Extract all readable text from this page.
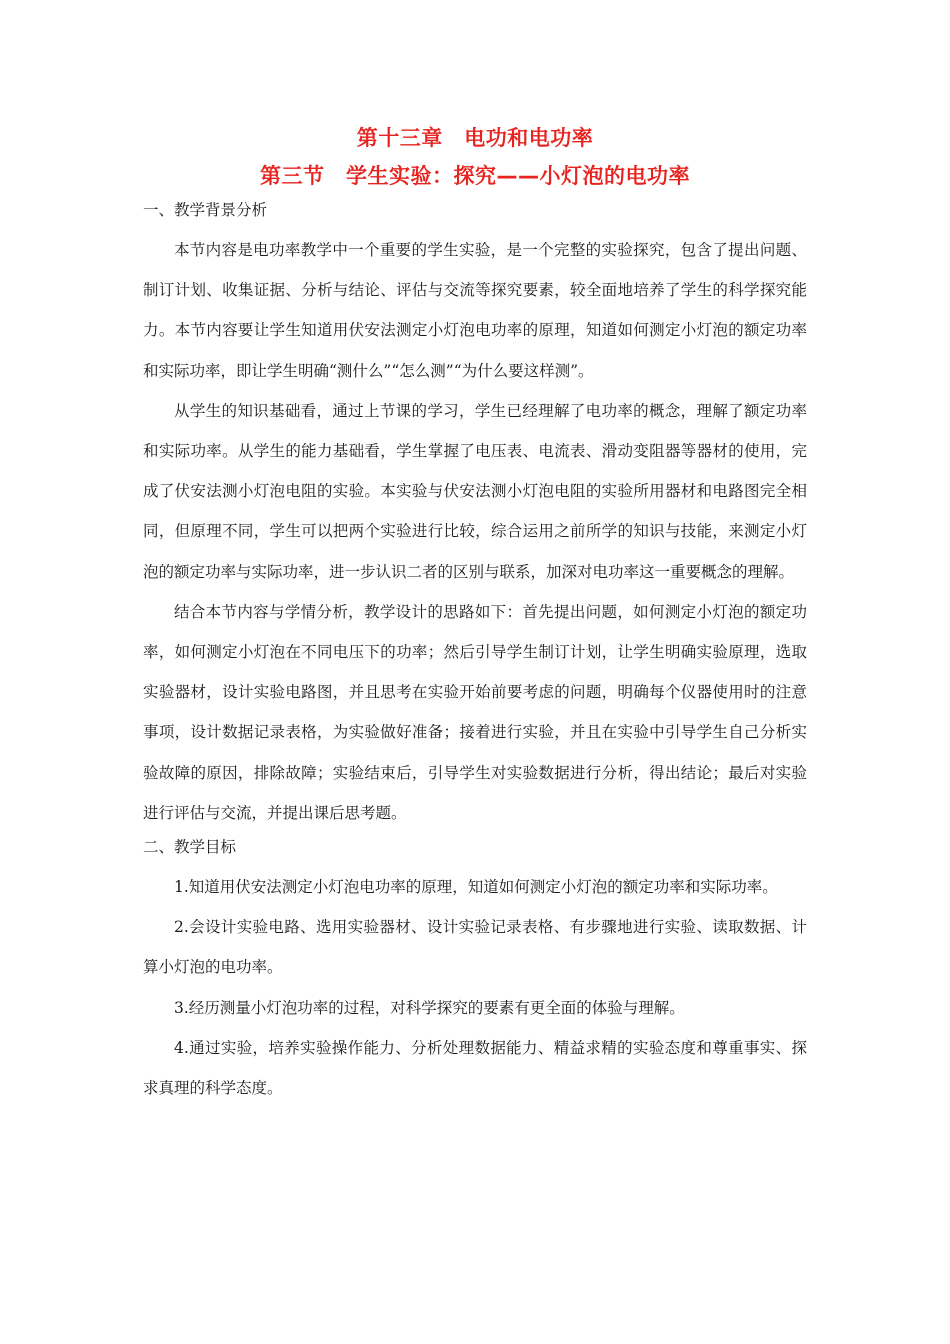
第十三章　电功和电功率
第三节　学生实验：探究——小灯泡的电功率
一、教学背景分析

本节内容是电功率教学中一个重要的学生实验，是一个完整的实验探究，包含了提出问题、制订计划、收集证据、分析与结论、评估与交流等探究要素，较全面地培养了学生的科学探究能力。本节内容要让学生知道用伏安法测定小灯泡电功率的原理，知道如何测定小灯泡的额定功率和实际功率，即让学生明确“测什么”“怎么测”“为什么要这样测”。

从学生的知识基础看，通过上节课的学习，学生已经理解了电功率的概念，理解了额定功率和实际功率。从学生的能力基础看，学生掌握了电压表、电流表、滑动变阻器等器材的使用，完成了伏安法测小灯泡电阻的实验。本实验与伏安法测小灯泡电阻的实验所用器材和电路图完全相同，但原理不同，学生可以把两个实验进行比较，综合运用之前所学的知识与技能，来测定小灯泡的额定功率与实际功率，进一步认识二者的区别与联系，加深对电功率这一重要概念的理解。

结合本节内容与学情分析，教学设计的思路如下：首先提出问题，如何测定小灯泡的额定功率，如何测定小灯泡在不同电压下的功率；然后引导学生制订计划，让学生明确实验原理，选取实验器材，设计实验电路图，并且思考在实验开始前要考虑的问题，明确每个仪器使用时的注意事项，设计数据记录表格，为实验做好准备；接着进行实验，并且在实验中引导学生自己分析实验故障的原因，排除故障；实验结束后，引导学生对实验数据进行分析，得出结论；最后对实验进行评估与交流，并提出课后思考题。

二、教学目标

1.知道用伏安法测定小灯泡电功率的原理，知道如何测定小灯泡的额定功率和实际功率。

2.会设计实验电路、选用实验器材、设计实验记录表格、有步骤地进行实验、读取数据、计算小灯泡的电功率。

3.经历测量小灯泡功率的过程，对科学探究的要素有更全面的体验与理解。

4.通过实验，培养实验操作能力、分析处理数据能力、精益求精的实验态度和尊重事实、探求真理的科学态度。
